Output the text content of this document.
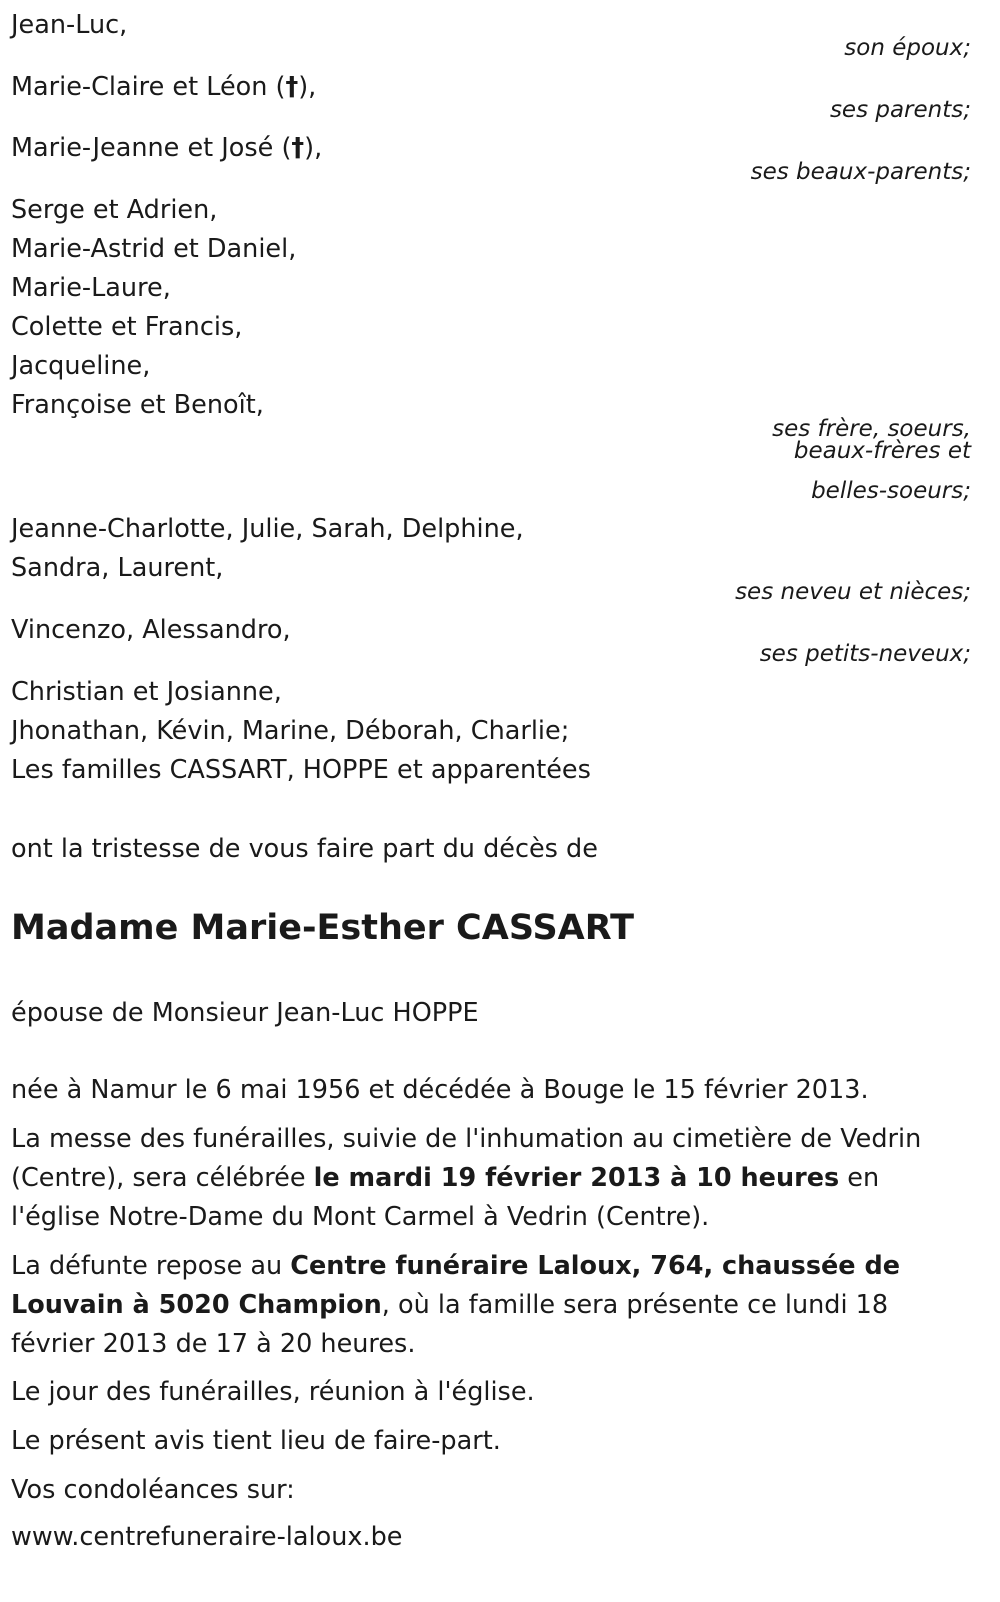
Jean-Luc,

son époux;

Marie-Claire et Léon (†),

ses parents;

Marie-Jeanne et José (†),

ses beaux-parents;

Serge et Adrien,

Marie-Astrid et Daniel,

Marie-Laure,

Colette et Francis,

Jacqueline,

Françoise et Benoît,

ses frère, soeurs,

beaux-frères et

belles-soeurs;

Jeanne-Charlotte, Julie, Sarah, Delphine,

Sandra, Laurent,

ses neveu et nièces;

Vincenzo, Alessandro,

ses petits-neveux;

Christian et Josianne,

Jhonathan, Kévin, Marine, Déborah, Charlie;

Les familles CASSART, HOPPE et apparentées

ont la tristesse de vous faire part du décès de

Madame Marie-Esther CASSART

épouse de Monsieur Jean-Luc HOPPE

née à Namur le 6 mai 1956 et décédée à Bouge le 15 février 2013.

La messe des funérailles, suivie de l'inhumation au cimetière de Vedrin (Centre), sera célébrée le mardi 19 février 2013 à 10 heures en l'église Notre-Dame du Mont Carmel à Vedrin (Centre).

La défunte repose au Centre funéraire Laloux, 764, chaussée de Louvain à 5020 Champion, où la famille sera présente ce lundi 18 février 2013 de 17 à 20 heures.

Le jour des funérailles, réunion à l'église.

Le présent avis tient lieu de faire-part.

Vos condoléances sur:

www.centrefuneraire-laloux.be
